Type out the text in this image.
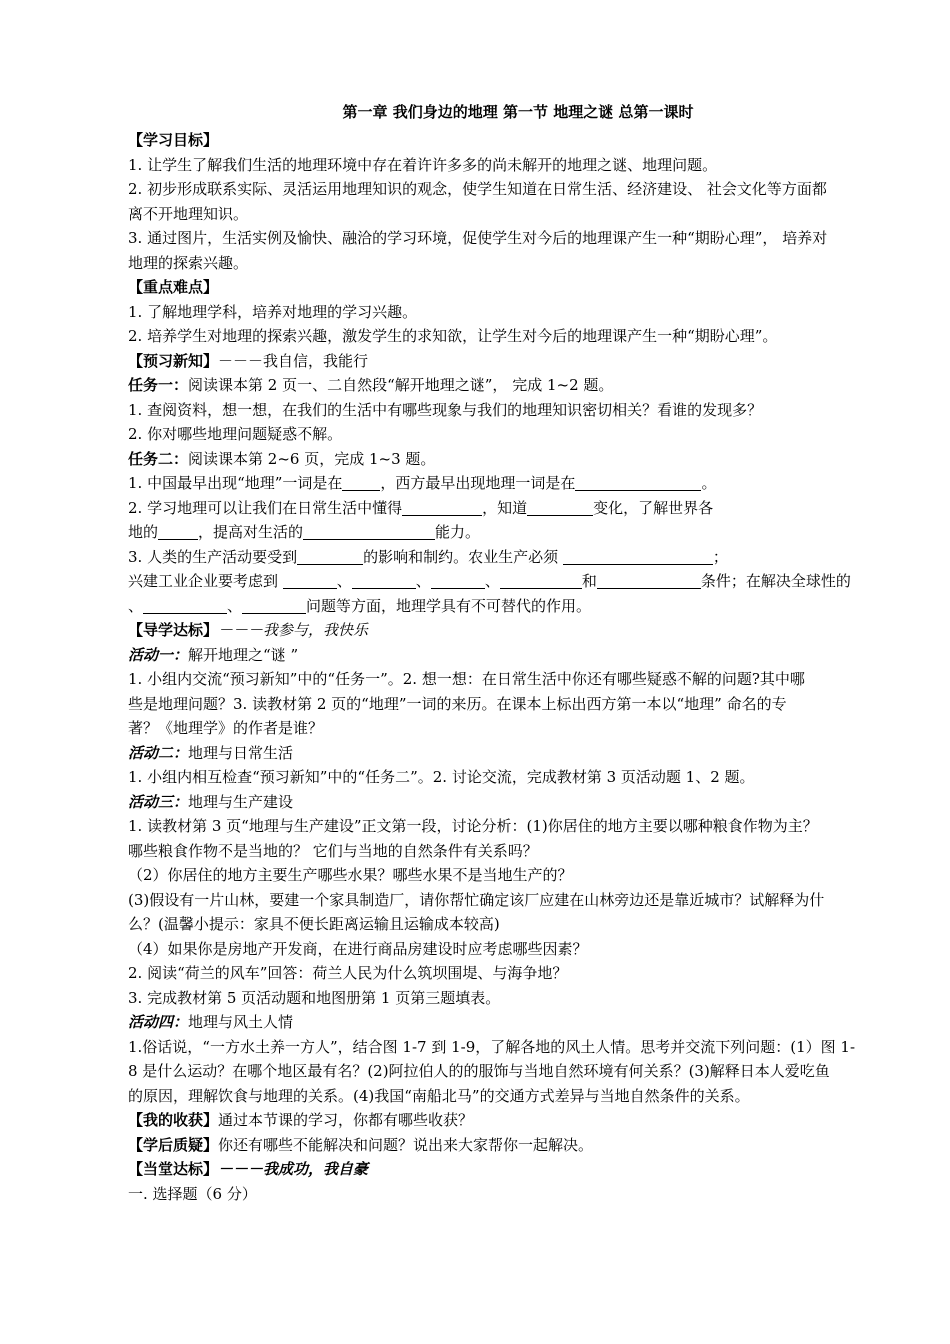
第一章 我们身边的地理 第一节 地理之谜 总第一课时
【学习目标】
1. 让学生了解我们生活的地理环境中存在着许许多多的尚未解开的地理之谜、地理问题。
2. 初步形成联系实际、灵活运用地理知识的观念，使学生知道在日常生活、经济建设、 社会文化等方面都
离不开地理知识。
3. 通过图片，生活实例及愉快、融洽的学习环境，促使学生对今后的地理课产生一种“期盼心理”， 培养对
地理的探索兴趣。
【重点难点】
1. 了解地理学科，培养对地理的学习兴趣。
2. 培养学生对地理的探索兴趣，激发学生的求知欲，让学生对今后的地理课产生一种“期盼心理”。
【预习新知】－－－我自信，我能行
任务一：阅读课本第 2 页一、二自然段“解开地理之谜”， 完成 1~2 题。
1. 查阅资料，想一想，在我们的生活中有哪些现象与我们的地理知识密切相关？看谁的发现多？
2. 你对哪些地理问题疑惑不解。
任务二：阅读课本第 2~6 页，完成 1~3 题。
1. 中国最早出现“地理”一词是在	，西方最早出现地理一词是在	。
2. 学习地理可以让我们在日常生活中懂得	，知道	变化，了解世界各
地的	，提高对生活的	能力。
3. 人类的生产活动要受到	的影响和制约。农业生产必须	；
兴建工业企业要考虑到	、	、	、	和	条件；在解决全球性的
、	、	问题等方面，地理学具有不可替代的作用。
【导学达标】－－－我参与，我快乐
活动一：解开地理之“谜 ”
1. 小组内交流“预习新知”中的“任务一”。2. 想一想：在日常生活中你还有哪些疑惑不解的问题?其中哪
些是地理问题？3. 读教材第 2 页的“地理”一词的来历。在课本上标出西方第一本以“地理” 命名的专
著？《地理学》的作者是谁？
活动二：地理与日常生活
1. 小组内相互检查“预习新知”中的“任务二”。2. 讨论交流，完成教材第 3 页活动题 1、2 题。
活动三：地理与生产建设
1. 读教材第 3 页“地理与生产建设”正文第一段，讨论分析：(1)你居住的地方主要以哪种粮食作物为主？
哪些粮食作物不是当地的？ 它们与当地的自然条件有关系吗？
（2）你居住的地方主要生产哪些水果？哪些水果不是当地生产的？
(3)假设有一片山林，要建一个家具制造厂，请你帮忙确定该厂应建在山林旁边还是靠近城市？试解释为什
么？(温馨小提示：家具不便长距离运输且运输成本较高)
（4）如果你是房地产开发商，在进行商品房建设时应考虑哪些因素？
2. 阅读“荷兰的风车”回答：荷兰人民为什么筑坝围堤、与海争地？
3. 完成教材第 5 页活动题和地图册第 1 页第三题填表。
活动四：地理与风土人情
1.俗话说，“一方水土养一方人”，结合图 1-7 到 1-9，了解各地的风土人情。思考并交流下列问题：(1）图 1-
8 是什么运动？在哪个地区最有名？(2)阿拉伯人的的服饰与当地自然环境有何关系？(3)解释日本人爱吃鱼
的原因，理解饮食与地理的关系。(4)我国“南船北马”的交通方式差异与当地自然条件的关系。
【我的收获】通过本节课的学习，你都有哪些收获？
【学后质疑】你还有哪些不能解决和问题？说出来大家帮你一起解决。
【当堂达标】－－－我成功，我自豪
一. 选择题（6 分）
